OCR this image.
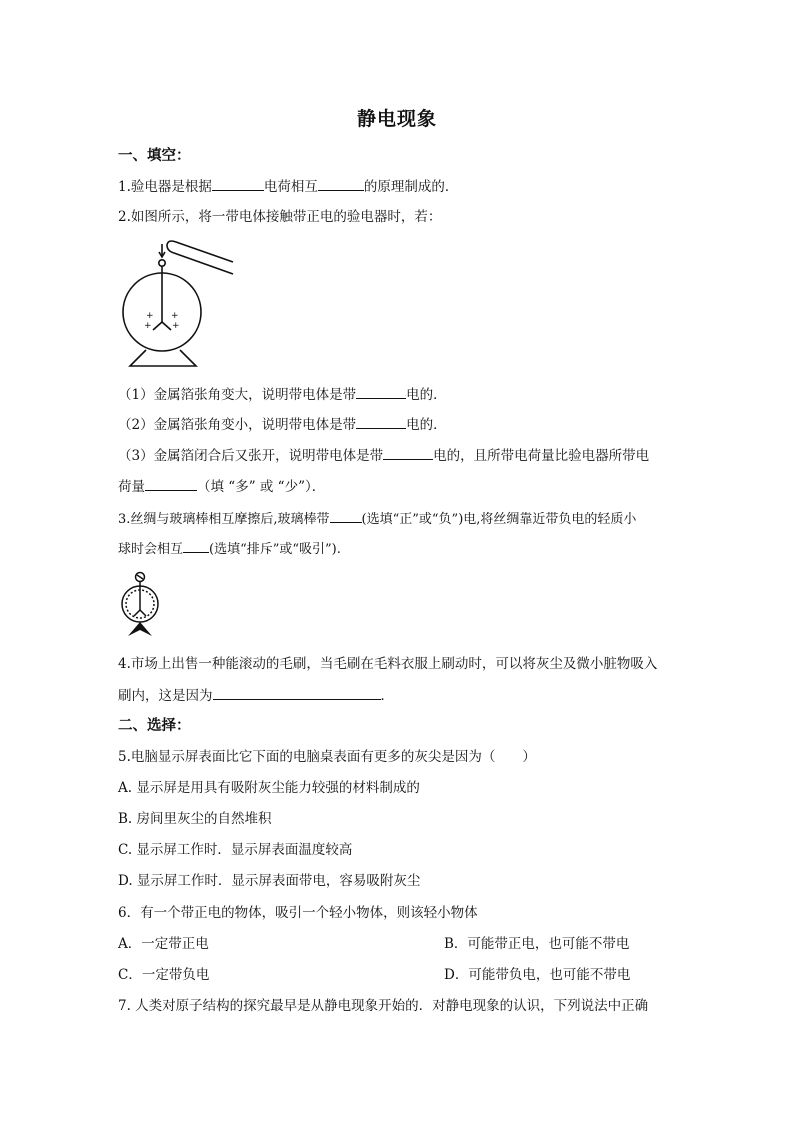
静电现象
一、填空：
1.验电器是根据	电荷相互	的原理制成的．
2.如图所示，将一带电体接触带正电的验电器时，若：
+
+
+
+
（1）金属箔张角变大，说明带电体是带	电的．
（2）金属箔张角变小，说明带电体是带	电的．
（3）金属箔闭合后又张开，说明带电体是带	电的，且所带电荷量比验电器所带电
荷量	（填 “多” 或 “少”）．
3.丝绸与玻璃棒相互摩擦后,玻璃棒带 (选填“正”或“负”)电,将丝绸靠近带负电的轻质小
球时会相互 (选填“排斥”或“吸引”).
4.市场上出售一种能滚动的毛刷，当毛刷在毛料衣服上刷动时，可以将灰尘及微小脏物吸入
刷内，这是因为	．
二、选择：
5.电脑显示屏表面比它下面的电脑桌表面有更多的灰尖是因为（　　）
A. 显示屏是用具有吸附灰尘能力较强的材料制成的
B. 房间里灰尘的自然堆积
C. 显示屏工作时．显示屏表面温度较高
D. 显示屏工作时．显示屏表面带电，容易吸附灰尘
6．有一个带正电的物体，吸引一个轻小物体，则该轻小物体
A．一定带正电	B．可能带正电，也可能不带电
C．一定带负电	D．可能带负电，也可能不带电
7. 人类对原子结构的探究最早是从静电现象开始的．对静电现象的认识，下列说法中正确
